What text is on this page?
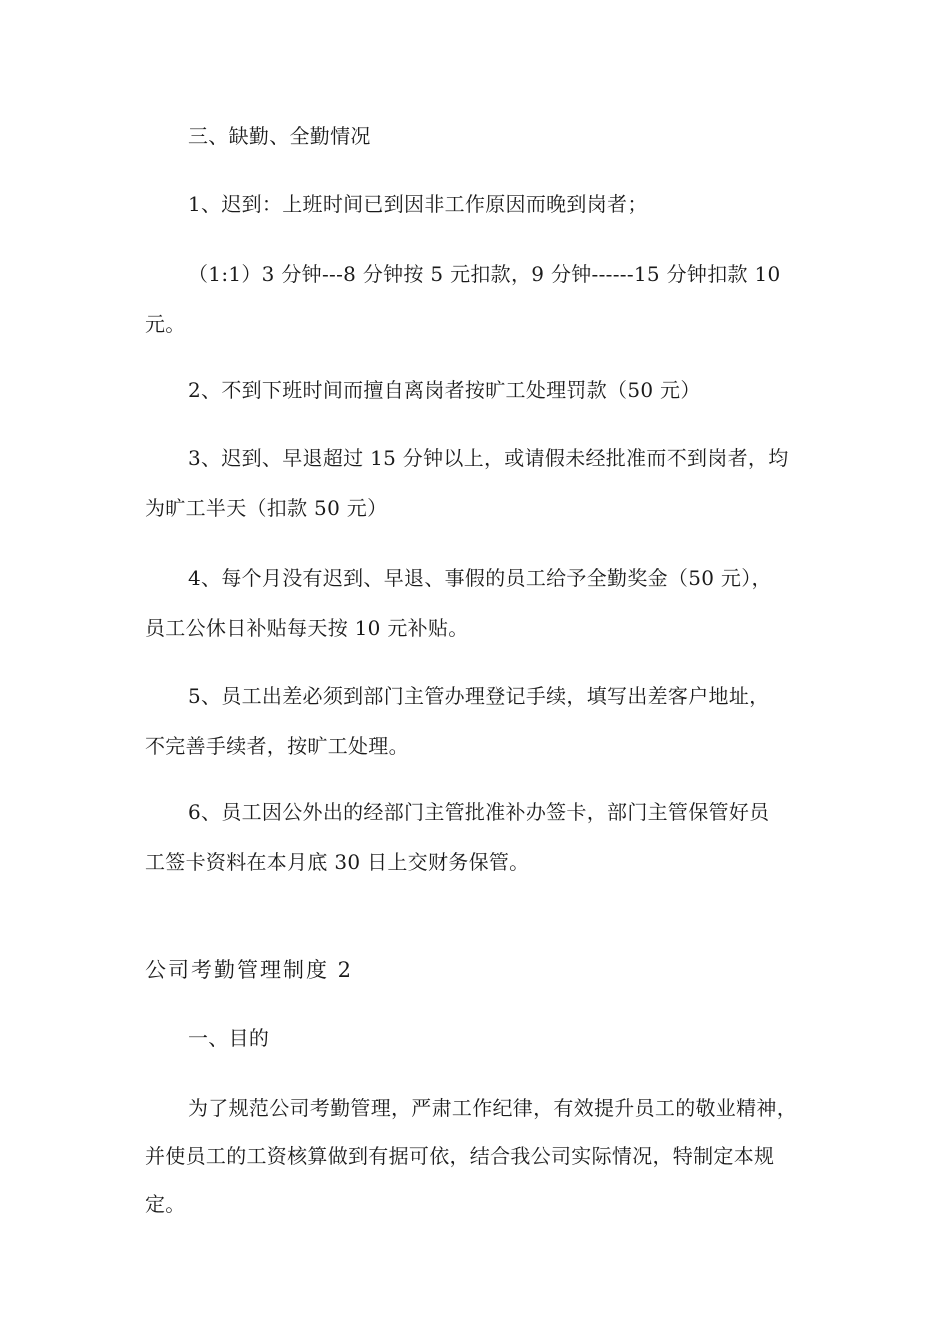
三、缺勤、全勤情况
1、迟到：上班时间已到因非工作原因而晚到岗者；
（1:1）3 分钟---8 分钟按 5 元扣款，9 分钟------15 分钟扣款 10
元。
2、不到下班时间而擅自离岗者按旷工处理罚款（50 元）
3、迟到、早退超过 15 分钟以上，或请假未经批准而不到岗者，均
为旷工半天（扣款 50 元）
4、每个月没有迟到、早退、事假的员工给予全勤奖金（50 元），
员工公休日补贴每天按 10 元补贴。
5、员工出差必须到部门主管办理登记手续，填写出差客户地址，
不完善手续者，按旷工处理。
6、员工因公外出的经部门主管批准补办签卡，部门主管保管好员
工签卡资料在本月底 30 日上交财务保管。
公司考勤管理制度 2
一、目的
为了规范公司考勤管理，严肃工作纪律，有效提升员工的敬业精神，
并使员工的工资核算做到有据可依，结合我公司实际情况，特制定本规
定。
